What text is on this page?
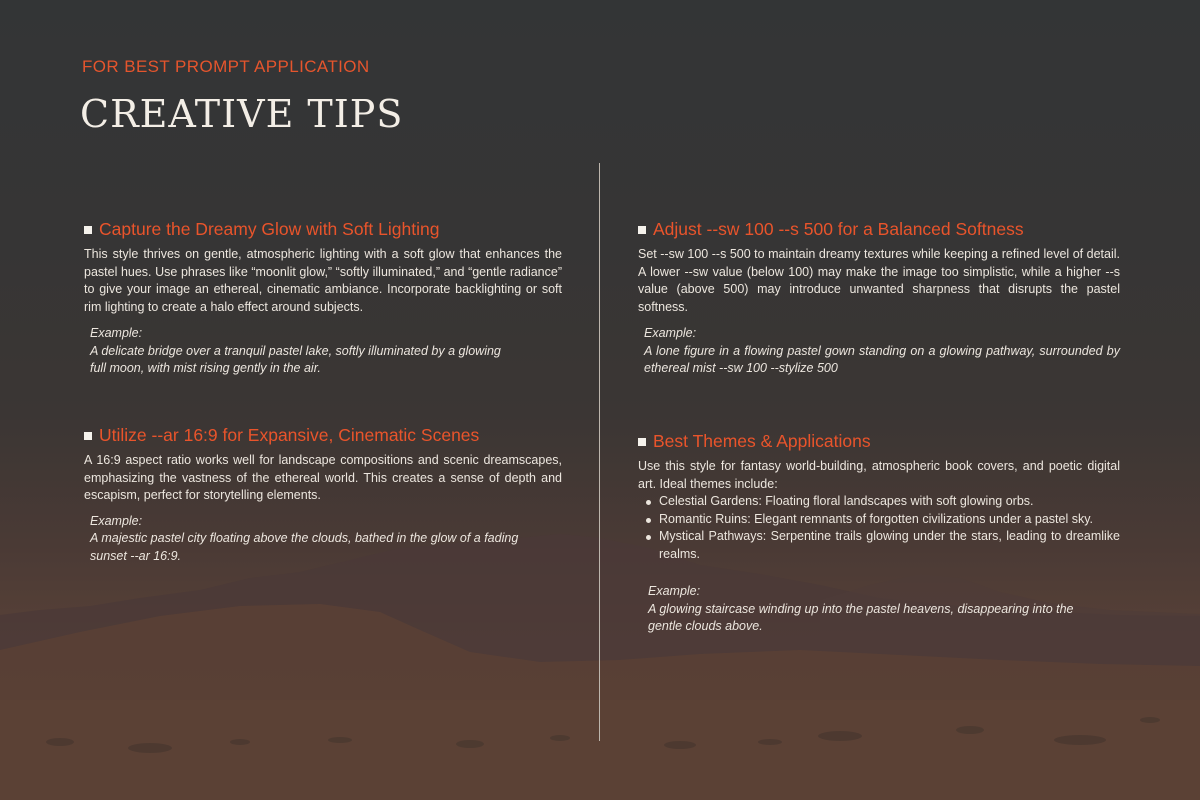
FOR BEST PROMPT APPLICATION
CREATIVE TIPS
Capture the Dreamy Glow with Soft Lighting

This style thrives on gentle, atmospheric lighting with a soft glow that enhances the pastel hues. Use phrases like “moonlit glow,” “softly illuminated,” and “gentle radiance” to give your image an ethereal, cinematic ambiance. Incorporate backlighting or soft rim lighting to create a halo effect around subjects.

Example:
A delicate bridge over a tranquil pastel lake, softly illuminated by a glowing full moon, with mist rising gently in the air.
Utilize --ar 16:9 for Expansive, Cinematic Scenes

A 16:9 aspect ratio works well for landscape compositions and scenic dreamscapes, emphasizing the vastness of the ethereal world. This creates a sense of depth and escapism, perfect for storytelling elements.

Example:
A majestic pastel city floating above the clouds, bathed in the glow of a fading sunset --ar 16:9.
Adjust --sw 100 --s 500 for a Balanced Softness

Set --sw 100 --s 500 to maintain dreamy textures while keeping a refined level of detail. A lower --sw value (below 100) may make the image too simplistic, while a higher --s value (above 500) may introduce unwanted sharpness that disrupts the pastel softness.

Example:
A lone figure in a flowing pastel gown standing on a glowing pathway, surrounded by ethereal mist --sw 100 --stylize 500
Best Themes & Applications

Use this style for fantasy world-building, atmospheric book covers, and poetic digital art. Ideal themes include:

Celestial Gardens: Floating floral landscapes with soft glowing orbs.
Romantic Ruins: Elegant remnants of forgotten civilizations under a pastel sky.
Mystical Pathways: Serpentine trails glowing under the stars, leading to dreamlike realms.
Example:
A glowing staircase winding up into the pastel heavens, disappearing into the gentle clouds above.
